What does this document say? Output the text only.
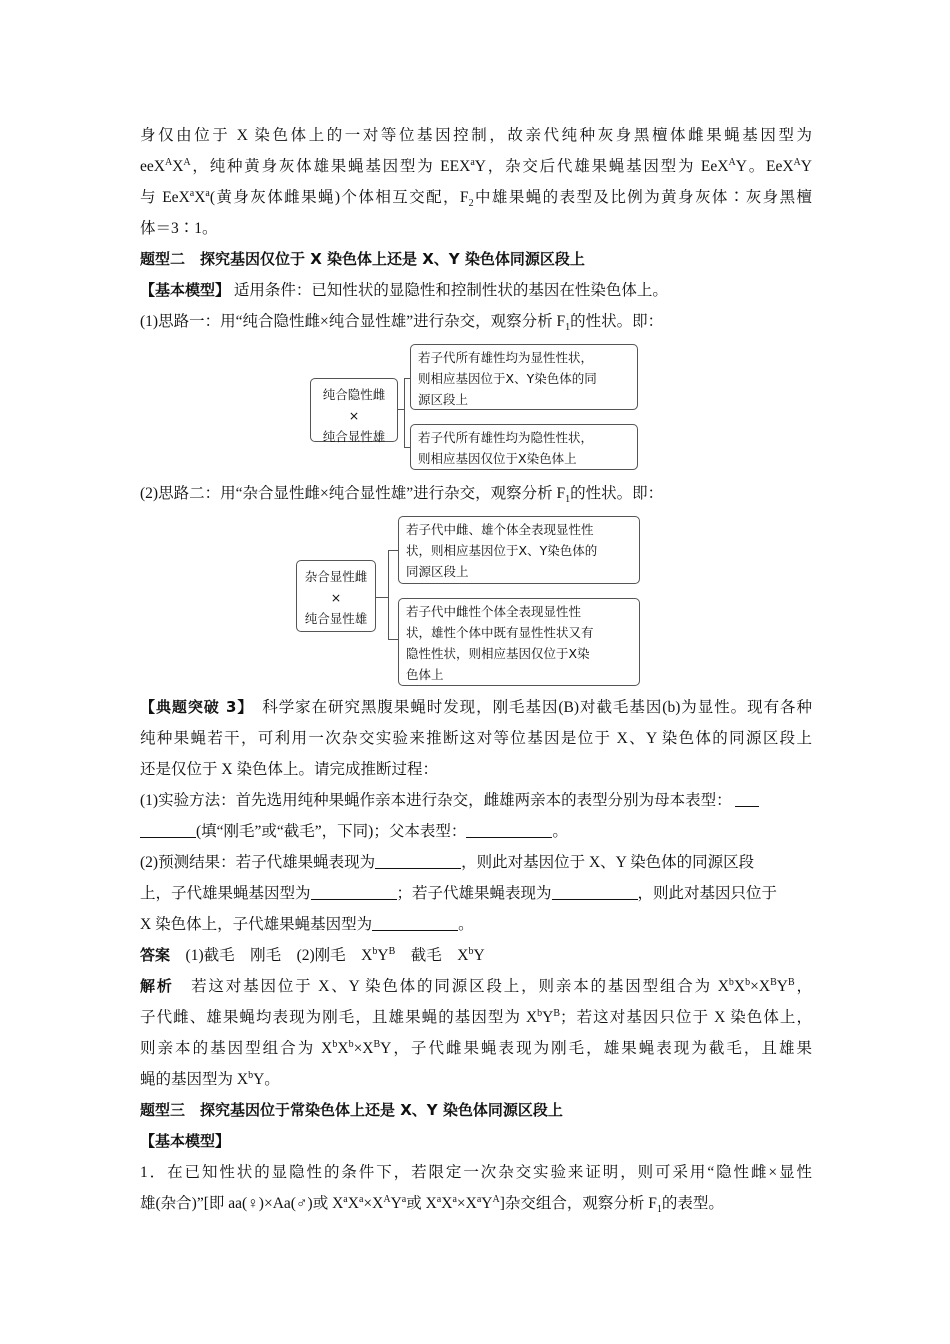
身仅由位于 X 染色体上的一对等位基因控制，故亲代纯种灰身黑檀体雌果蝇基因型为
$eeX^AX^A$，纯种黄身灰体雄果蝇基因型为 EEX$^a$Y，杂交后代雄果蝇基因型为 EeX$^A$Y。EeX$^A$Y
与 $EeX^aX^a$(黄身灰体雌果蝇)个体相互交配，$F_2$中雄果蝇的表型及比例为黄身灰体∶灰身黑檀
体＝3∶1。
题型二　探究基因仅位于 X 染色体上还是 X、Y 染色体同源区段上
【基本模型】 适用条件：已知性状的显隐性和控制性状的基因在性染色体上。
(1)思路一：用“纯合隐性雌×纯合显性雄”进行杂交，观察分析 $F_1$的性状。即：
纯合隐性雌
×
纯合显性雄
若子代所有雄性均为显性性状，
则相应基因位于X、Y染色体的同
源区段上
若子代所有雄性均为隐性性状，
则相应基因仅位于X染色体上
(2)思路二：用“杂合显性雌×纯合显性雄”进行杂交，观察分析 $F_1$的性状。即：
杂合显性雌
×
纯合显性雄
若子代中雌、雄个体全表现显性性
状，则相应基因位于X、Y染色体的
同源区段上
若子代中雌性个体全表现显性性
状，雄性个体中既有显性性状又有
隐性性状，则相应基因仅位于X染
色体上
【典题突破 3】　 科学家在研究黑腹果蝇时发现，刚毛基因(B)对截毛基因(b)为显性。现有各种
纯种果蝇若干，可利用一次杂交实验来推断这对等位基因是位于 X、Y 染色体的同源区段上
还是仅位于 X 染色体上。请完成推断过程：
(1)实验方法：首先选用纯种果蝇作亲本进行杂交，雌雄两亲本的表型分别为母本表型：
(填“刚毛”或“截毛”，下同)；父本表型：	。
(2)预测结果：若子代雄果蝇表现为	，则此对基因位于 X、Y 染色体的同源区段
上，子代雄果蝇基因型为	；若子代雄果蝇表现为	，则此对基因只位于
X 染色体上，子代雄果蝇基因型为	。
答案　 (1)截毛　刚毛　(2)刚毛　$X^bY^B$　截毛　$X^bY$
解析　 若这对基因位于 X、Y 染色体的同源区段上，则亲本的基因型组合为 $X^bX^b\times X^BY^B$，
子代雌、雄果蝇均表现为刚毛，且雄果蝇的基因型为 $X^bY^B$；若这对基因只位于 X 染色体上，
则亲本的基因型组合为 $X^bX^b\times X^BY$，子代雌果蝇表现为刚毛，雄果蝇表现为截毛，且雄果
蝇的基因型为 $X^bY$。
题型三　探究基因位于常染色体上还是 X、Y 染色体同源区段上
【基本模型】
1．在已知性状的显隐性的条件下，若限定一次杂交实验来证明，则可采用“隐性雌×显性
雄(杂合)”[即 aa(♀)×Aa(♂)或 $X^aX^a\times X^AY^a$或 $X^aX^a\times X^aY^A$]杂交组合，观察分析 $F_1$的表型。
